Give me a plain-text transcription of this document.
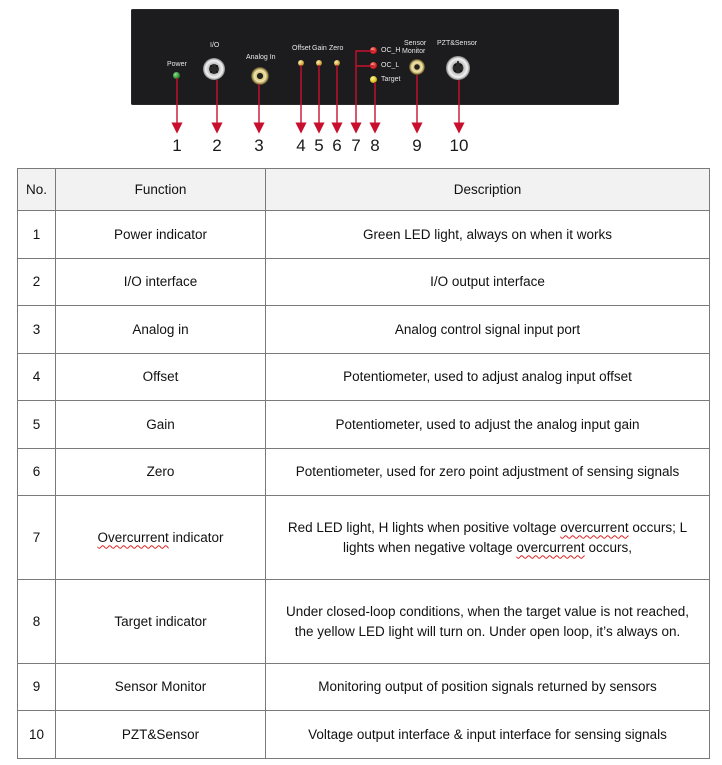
Power
I/O
Analog In
Offset Gain Zero	OC_H
OC_L
Target
Sensor
Monitor
PZT&Sensor
1 2 3 4 5 6 7 8 9 10
No.	Function	Description
1	Power indicator	Green LED light, always on when it works
2	I/O interface	I/O output interface
3	Analog in	Analog control signal input port
4	Offset	Potentiometer, used to adjust analog input offset
5	Gain	Potentiometer, used to adjust the analog input gain
6	Zero	Potentiometer, used for zero point adjustment of sensing signals
7	Overcurrent indicator	Red LED light, H lights when positive voltage overcurrent occurs; L
lights when negative voltage overcurrent occurs,

8	Target indicator	Under closed-loop conditions, when the target value is not reached,
the yellow LED light will turn on. Under open loop, it’s always on.

9	Sensor Monitor	Monitoring output of position signals returned by sensors
10	PZT&Sensor	Voltage output interface & input interface for sensing signals
